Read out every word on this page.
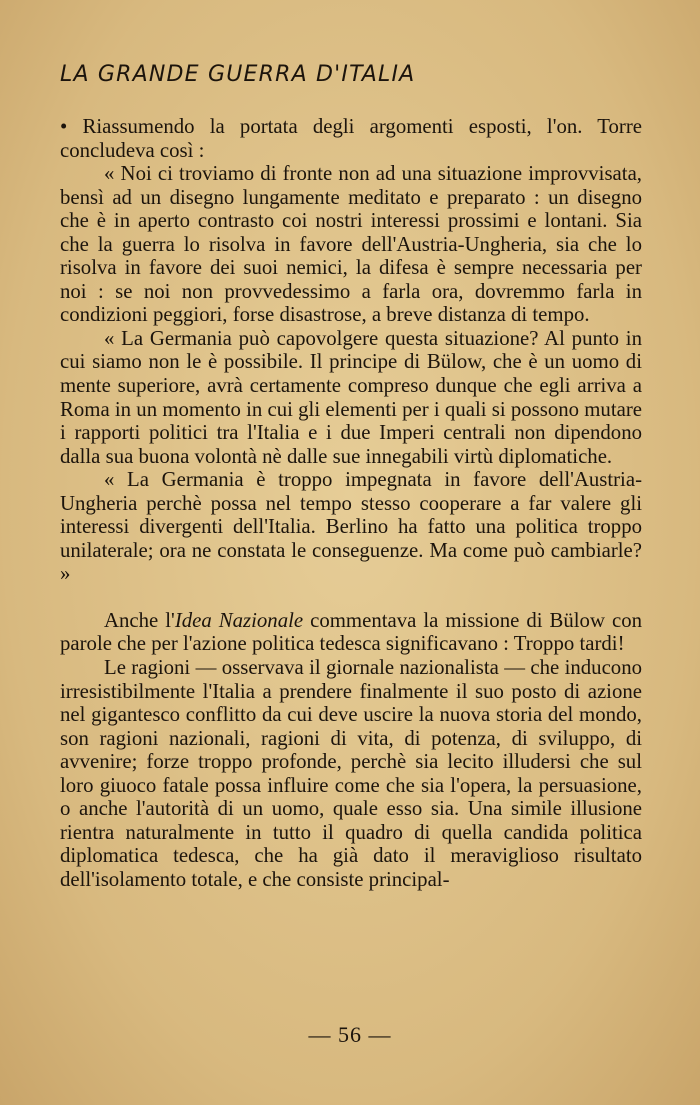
LA GRANDE GUERRA D'ITALIA

• Riassumendo la portata degli argomenti esposti, l'on. Torre concludeva così :

« Noi ci troviamo di fronte non ad una situazione improvvisata, bensì ad un disegno lungamente meditato e preparato : un disegno che è in aperto contrasto coi nostri interessi prossimi e lontani. Sia che la guerra lo risolva in favore dell'Austria-Ungheria, sia che lo risolva in favore dei suoi nemici, la difesa è sempre necessaria per noi : se noi non provvedessimo a farla ora, dovremmo farla in condizioni peggiori, forse disastrose, a breve distanza di tempo.

« La Germania può capovolgere questa situazione? Al punto in cui siamo non le è possibile. Il principe di Bülow, che è un uomo di mente superiore, avrà certamente compreso dunque che egli arriva a Roma in un momento in cui gli elementi per i quali si possono mutare i rapporti politici tra l'Italia e i due Imperi centrali non dipendono dalla sua buona volontà nè dalle sue innegabili virtù diplomatiche.

« La Germania è troppo impegnata in favore dell'Austria-Ungheria perchè possa nel tempo stesso cooperare a far valere gli interessi divergenti dell'Italia. Berlino ha fatto una politica troppo unilaterale; ora ne constata le conseguenze. Ma come può cambiarle? »

Anche l'Idea Nazionale commentava la missione di Bülow con parole che per l'azione politica tedesca significavano : Troppo tardi!

Le ragioni — osservava il giornale nazionalista — che inducono irresistibilmente l'Italia a prendere finalmente il suo posto di azione nel gigantesco conflitto da cui deve uscire la nuova storia del mondo, son ragioni nazionali, ragioni di vita, di potenza, di sviluppo, di avvenire; forze troppo profonde, perchè sia lecito illudersi che sul loro giuoco fatale possa influire come che sia l'opera, la persuasione, o anche l'autorità di un uomo, quale esso sia. Una simile illusione rientra naturalmente in tutto il quadro di quella candida politica diplomatica tedesca, che ha già dato il meraviglioso risultato dell'isolamento totale, e che consiste principal-

— 56 —
